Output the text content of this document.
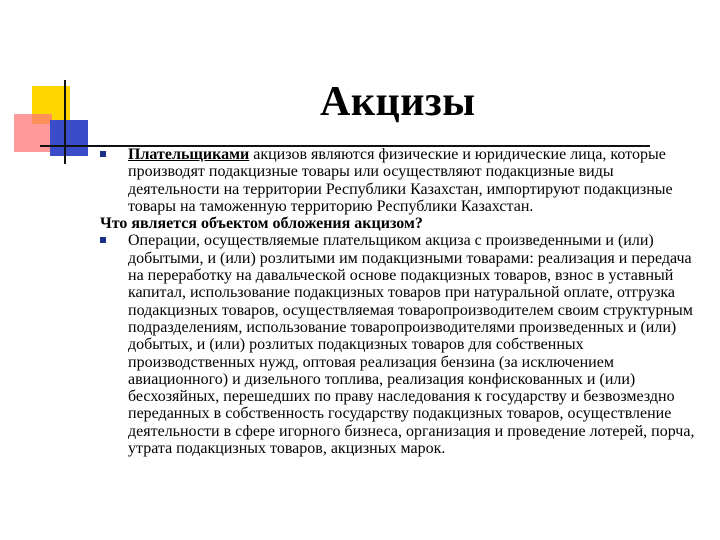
Акцизы
Плательщиками акцизов являются физические и юридические лица, которые производят подакцизные товары или осуществляют подакцизные виды деятельности на территории Республики Казахстан, импортируют подакцизные товары на таможенную территорию Республики Казахстан.
Что является объектом обложения акцизом?
Операции, осуществляемые плательщиком акциза с произведенными и (или) добытыми, и (или) розлитыми им подакцизными товарами: реализация и передача на переработку на давальческой основе подакцизных товаров, взнос в уставный капитал, использование подакцизных товаров при натуральной оплате, отгрузка подакцизных товаров, осуществляемая товаропроизводителем своим структурным подразделениям, использование товаропроизводителями произведенных и (или) добытых, и (или) розлитых подакцизных товаров для собственных производственных нужд, оптовая реализация бензина (за исключением авиационного) и дизельного топлива, реализация конфискованных и (или) бесхозяйных, перешедших по праву наследования к государству и безвозмездно переданных в собственность государству подакцизных товаров, осуществление деятельности в сфере игорного бизнеса, организация и проведение лотерей, порча, утрата подакцизных товаров, акцизных марок.
